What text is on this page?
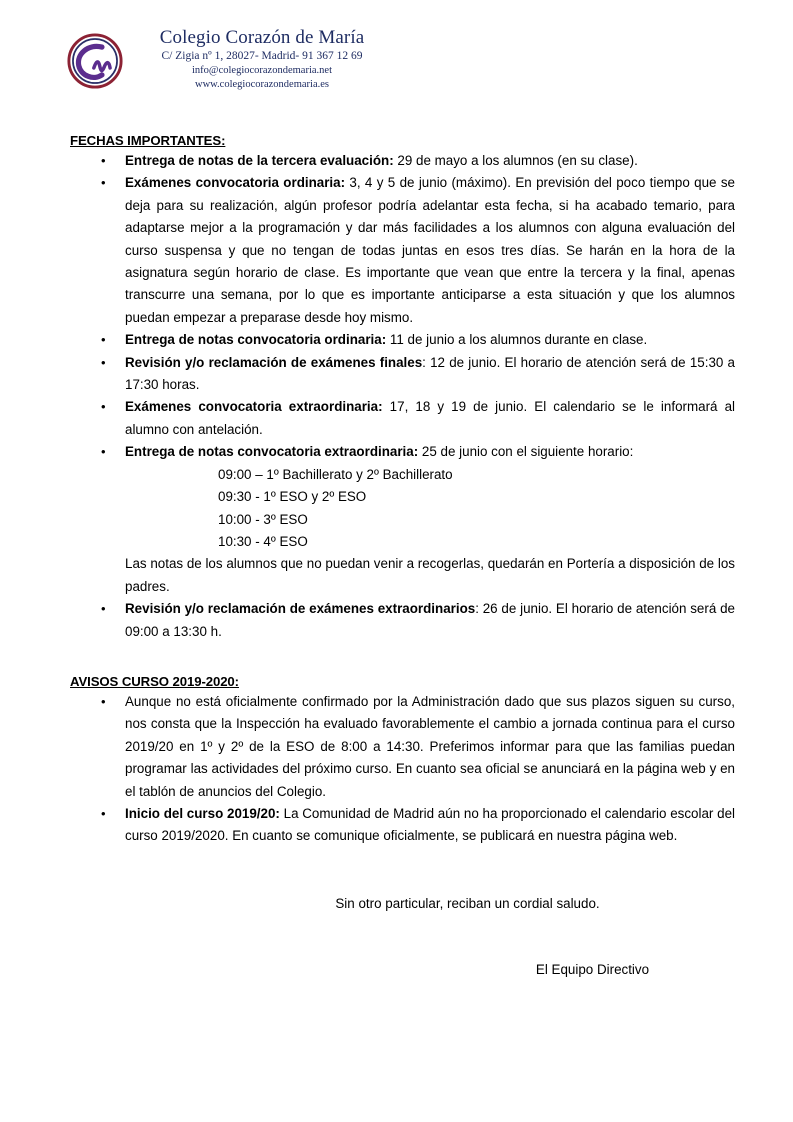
Colegio Corazón de María
C/ Zigia nº 1, 28027- Madrid- 91 367 12 69
info@colegiocorazondemaria.net
www.colegiocorazondemaria.es
FECHAS IMPORTANTES:
• Entrega de notas de la tercera evaluación: 29 de mayo a los alumnos (en su clase).
• Exámenes convocatoria ordinaria: 3, 4 y 5 de junio (máximo). En previsión del poco tiempo que se deja para su realización, algún profesor podría adelantar esta fecha, si ha acabado temario, para adaptarse mejor a la programación y dar más facilidades a los alumnos con alguna evaluación del curso suspensa y que no tengan de todas juntas en esos tres días. Se harán en la hora de la asignatura según horario de clase. Es importante que vean que entre la tercera y la final, apenas transcurre una semana, por lo que es importante anticiparse a esta situación y que los alumnos puedan empezar a preparase desde hoy mismo.
• Entrega de notas convocatoria ordinaria: 11 de junio a los alumnos durante en clase.
• Revisión y/o reclamación de exámenes finales: 12 de junio. El horario de atención será de 15:30 a 17:30 horas.
• Exámenes convocatoria extraordinaria: 17, 18 y 19 de junio. El calendario se le informará al alumno con antelación.
• Entrega de notas convocatoria extraordinaria: 25 de junio con el siguiente horario:
09:00 – 1º Bachillerato y 2º Bachillerato
09:30 - 1º ESO y 2º ESO
10:00 - 3º ESO
10:30 - 4º ESO

Las notas de los alumnos que no puedan venir a recogerlas, quedarán en Portería a disposición de los padres.

• Revisión y/o reclamación de exámenes extraordinarios: 26 de junio. El horario de atención será de 09:00 a 13:30 h.
AVISOS CURSO 2019-2020:
• Aunque no está oficialmente confirmado por la Administración dado que sus plazos siguen su curso, nos consta que la Inspección ha evaluado favorablemente el cambio a jornada continua para el curso 2019/20 en 1º y 2º de la ESO de 8:00 a 14:30. Preferimos informar para que las familias puedan programar las actividades del próximo curso. En cuanto sea oficial se anunciará en la página web y en el tablón de anuncios del Colegio.
• Inicio del curso 2019/20: La Comunidad de Madrid aún no ha proporcionado el calendario escolar del curso 2019/2020. En cuanto se comunique oficialmente, se publicará en nuestra página web.
Sin otro particular, reciban un cordial saludo.
El Equipo Directivo
